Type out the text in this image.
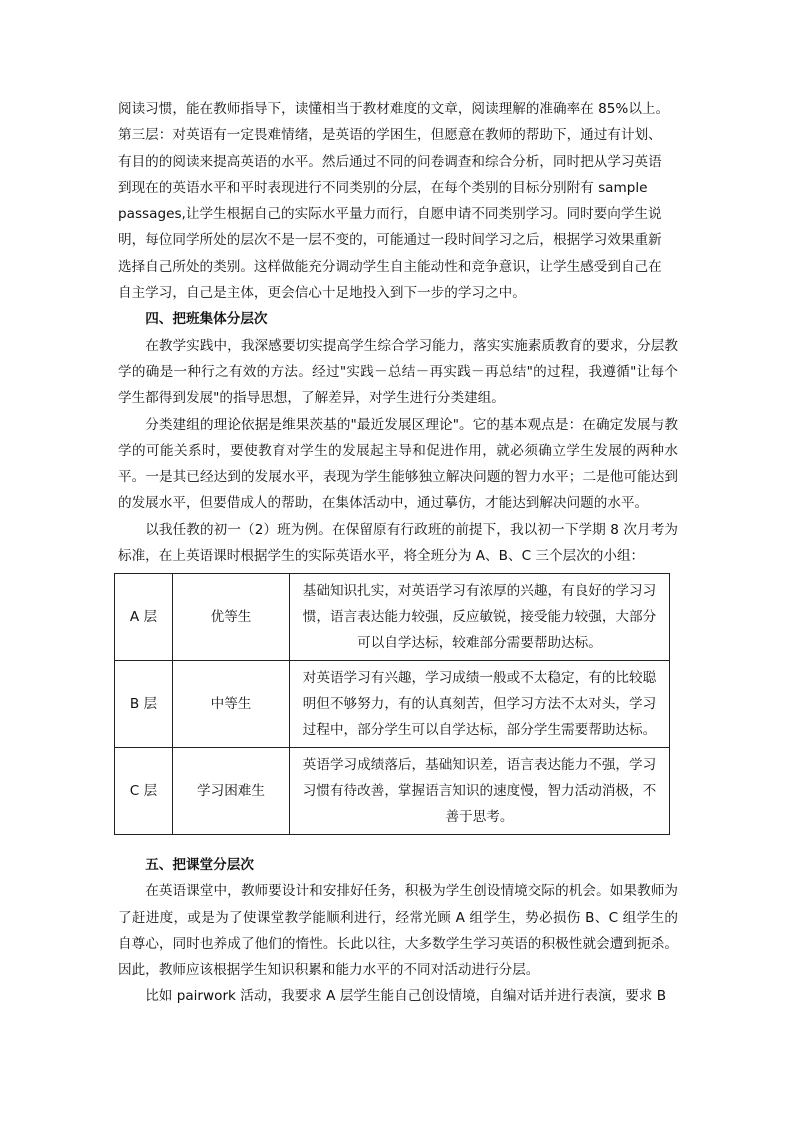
阅读习惯，能在教师指导下，读懂相当于教材难度的文章，阅读理解的准确率在 85%以上。

第三层：对英语有一定畏难情绪，是英语的学困生，但愿意在教师的帮助下，通过有计划、

有目的的阅读来提高英语的水平。然后通过不同的问卷调查和综合分析，同时把从学习英语

到现在的英语水平和平时表现进行不同类别的分层，在每个类别的目标分别附有 sample

passages,让学生根据自己的实际水平量力而行，自愿申请不同类别学习。同时要向学生说

明，每位同学所处的层次不是一层不变的，可能通过一段时间学习之后，根据学习效果重新

选择自己所处的类别。这样做能充分调动学生自主能动性和竞争意识，让学生感受到自己在

自主学习，自己是主体，更会信心十足地投入到下一步的学习之中。

四、把班集体分层次

在教学实践中，我深感要切实提高学生综合学习能力，落实实施素质教育的要求，分层教学的确是一种行之有效的方法。经过"实践－总结－再实践－再总结"的过程，我遵循"让每个学生都得到发展"的指导思想，了解差异，对学生进行分类建组。

分类建组的理论依据是维果茨基的"最近发展区理论"。它的基本观点是：在确定发展与教学的可能关系时，要使教育对学生的发展起主导和促进作用，就必须确立学生发展的两种水平。一是其已经达到的发展水平，表现为学生能够独立解决问题的智力水平；二是他可能达到的发展水平，但要借成人的帮助，在集体活动中，通过摹仿，才能达到解决问题的水平。

以我任教的初一（2）班为例。在保留原有行政班的前提下，我以初一下学期 8 次月考为标准，在上英语课时根据学生的实际英语水平，将全班分为 A、B、C 三个层次的小组：

A 层	优等生	基础知识扎实，对英语学习有浓厚的兴趣，有良好的学习习惯，语言表达能力较强，反应敏锐，接受能力较强，大部分可以自学达标，较难部分需要帮助达标。
B 层	中等生	对英语学习有兴趣，学习成绩一般或不太稳定，有的比较聪明但不够努力，有的认真刻苦，但学习方法不太对头，学习过程中，部分学生可以自学达标，部分学生需要帮助达标。
C 层	学习困难生	英语学习成绩落后，基础知识差，语言表达能力不强，学习习惯有待改善，掌握语言知识的速度慢，智力活动消极，不善于思考。

五、把课堂分层次

在英语课堂中，教师要设计和安排好任务，积极为学生创设情境交际的机会。如果教师为了赶进度，或是为了使课堂教学能顺利进行，经常光顾 A 组学生，势必损伤 B、C 组学生的自尊心，同时也养成了他们的惰性。长此以往，大多数学生学习英语的积极性就会遭到扼杀。因此，教师应该根据学生知识积累和能力水平的不同对活动进行分层。

比如 pairwork 活动，我要求 A 层学生能自己创设情境，自编对话并进行表演，要求 B
